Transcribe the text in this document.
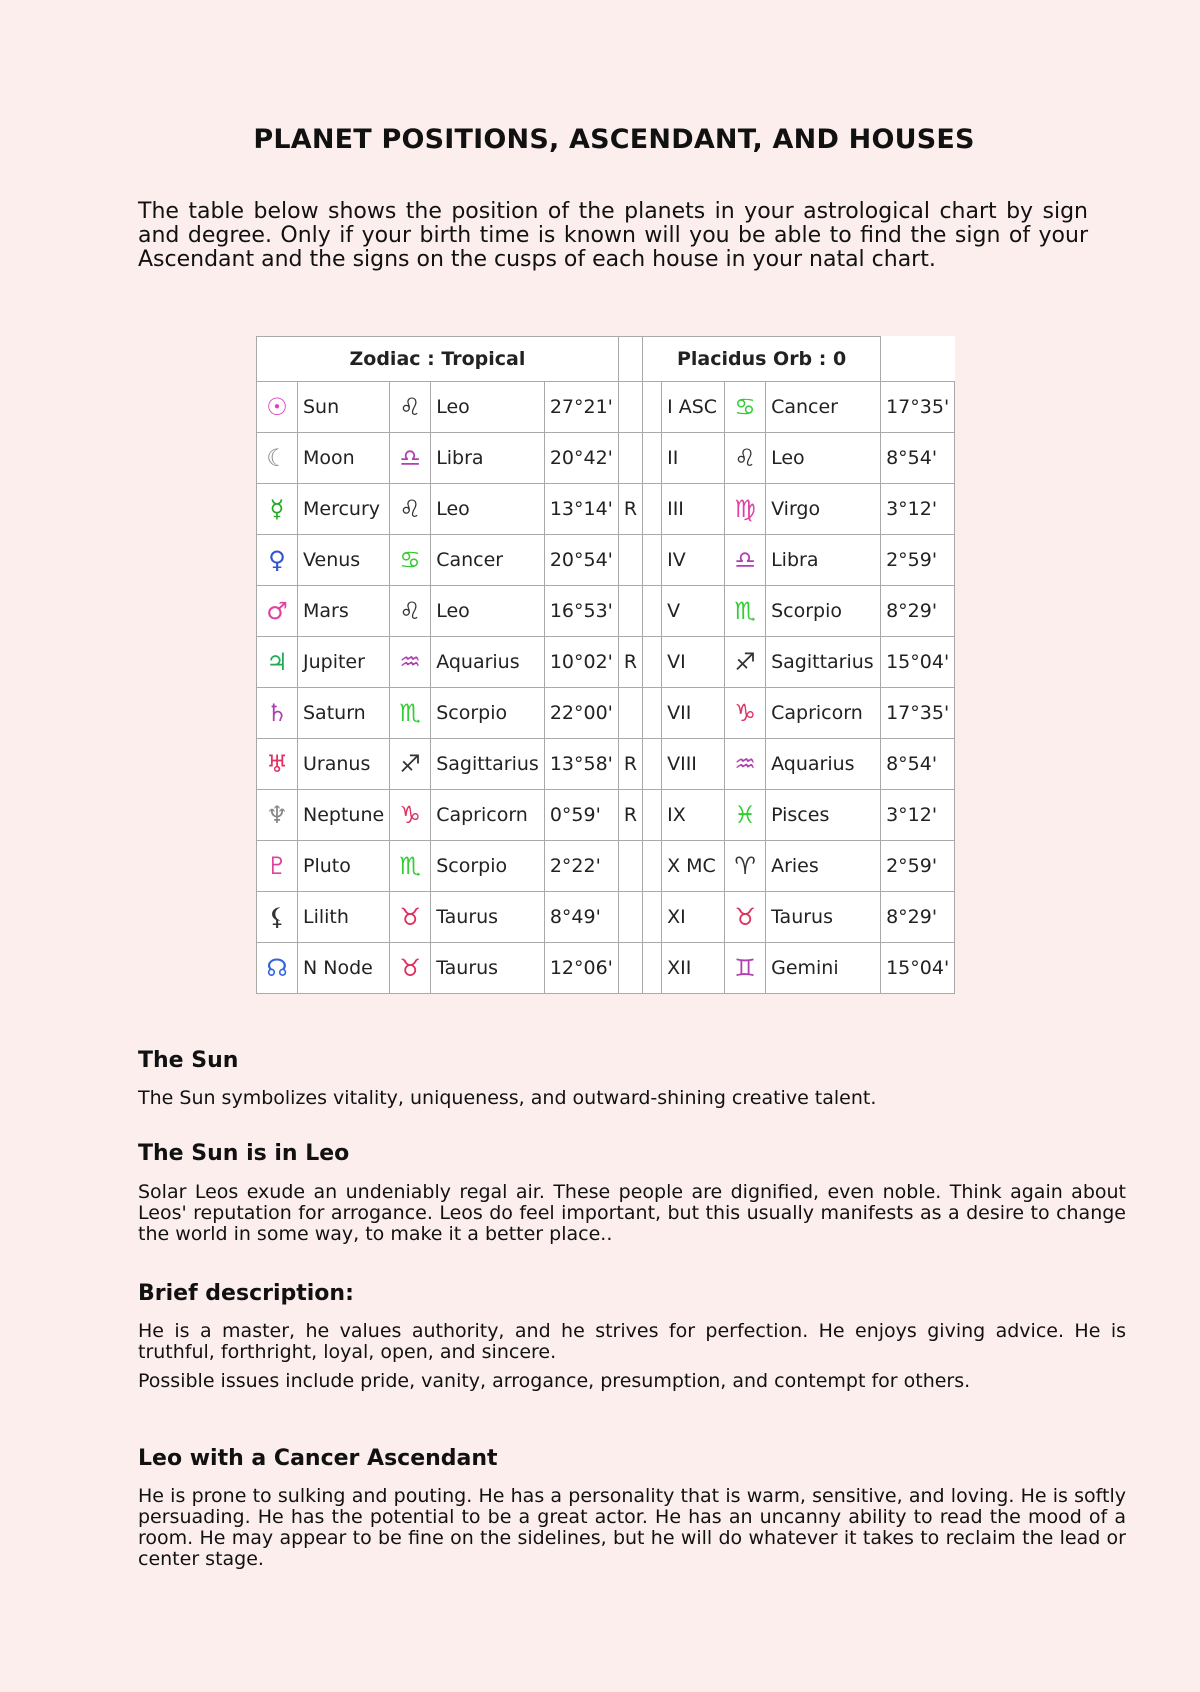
PLANET POSITIONS, ASCENDANT, AND HOUSES

The table below shows the position of the planets in your astrological chart by sign and degree. Only if your birth time is known will you be able to find the sign of your Ascendant and the signs on the cusps of each house in your natal chart.

Zodiac : Tropical						Placidus Orb : 0				
☉	Sun	♌	Leo	27°21'			I ASC	♋	Cancer	17°35'
☾	Moon	♎	Libra	20°42'			II	♌	Leo	8°54'
☿	Mercury	♌	Leo	13°14'	R		III	♍	Virgo	3°12'
♀	Venus	♋	Cancer	20°54'			IV	♎	Libra	2°59'
♂	Mars	♌	Leo	16°53'			V	♏	Scorpio	8°29'
♃	Jupiter	♒	Aquarius	10°02'	R		VI	♐	Sagittarius	15°04'
♄	Saturn	♏	Scorpio	22°00'			VII	♑	Capricorn	17°35'
♅	Uranus	♐	Sagittarius	13°58'	R		VIII	♒	Aquarius	8°54'
♆	Neptune	♑	Capricorn	0°59'	R		IX	♓	Pisces	3°12'
♇	Pluto	♏	Scorpio	2°22'			X MC	♈	Aries	2°59'
⚸	Lilith	♉	Taurus	8°49'			XI	♉	Taurus	8°29'
☊	N Node	♉	Taurus	12°06'			XII	♊	Gemini	15°04'
The Sun

The Sun symbolizes vitality, uniqueness, and outward-shining creative talent.

The Sun is in Leo

Solar Leos exude an undeniably regal air. These people are dignified, even noble. Think again about Leos' reputation for arrogance. Leos do feel important, but this usually manifests as a desire to change the world in some way, to make it a better place..

Brief description:

He is a master, he values authority, and he strives for perfection. He enjoys giving advice. He is truthful, forthright, loyal, open, and sincere.

Possible issues include pride, vanity, arrogance, presumption, and contempt for others.

Leo with a Cancer Ascendant

He is prone to sulking and pouting. He has a personality that is warm, sensitive, and loving. He is softly persuading. He has the potential to be a great actor. He has an uncanny ability to read the mood of a room. He may appear to be fine on the sidelines, but he will do whatever it takes to reclaim the lead or center stage.
